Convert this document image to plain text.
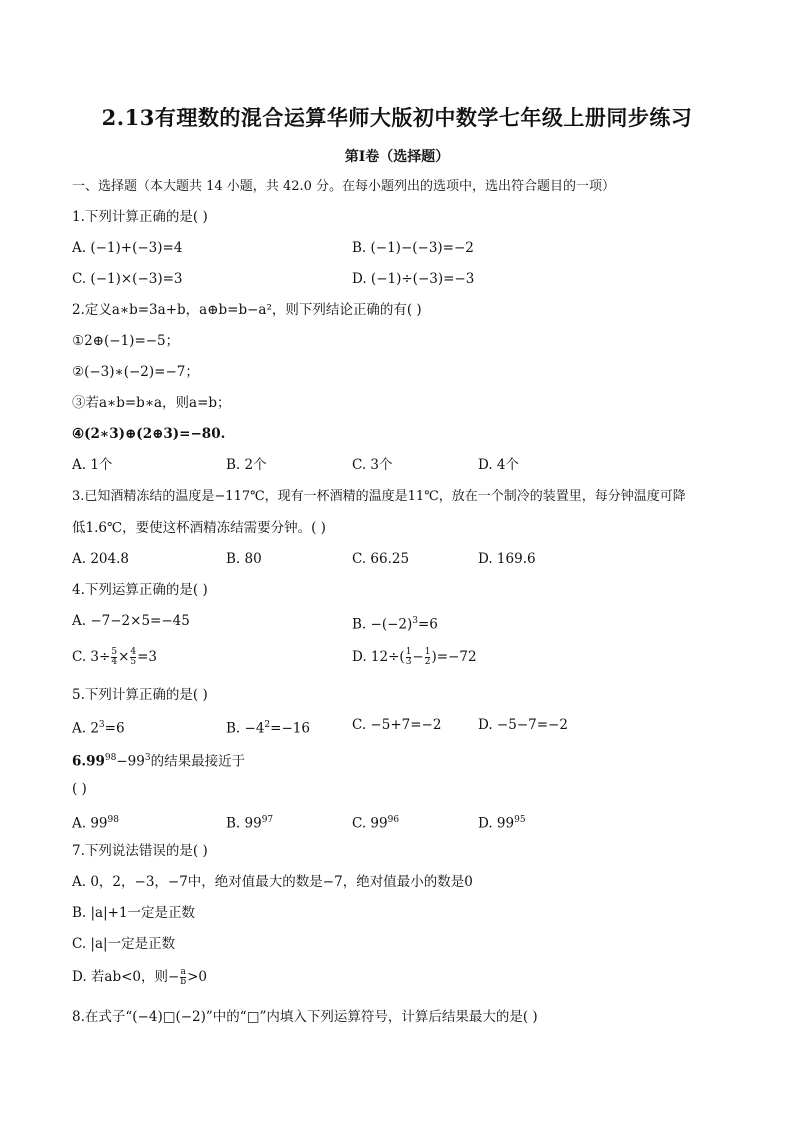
2.13有理数的混合运算华师大版初中数学七年级上册同步练习
第I卷（选择题）
一、选择题（本大题共 14 小题，共 42.0 分。在每小题列出的选项中，选出符合题目的一项）
1.下列计算正确的是( )
A. (−1)+(−3)=4	B. (−1)−(−3)=−2
C. (−1)×(−3)=3	D. (−1)÷(−3)=−3
2.定义a∗b=3a+b，a⊕b=b−a²，则下列结论正确的有( )
①2⊕(−1)=−5；
②(−3)∗(−2)=−7；
③若a∗b=b∗a，则a=b；
④(2∗3)⊕(2⊕3)=−80.
A. 1个	B. 2个	C. 3个	D. 4个
3.已知酒精冻结的温度是−117℃，现有一杯酒精的温度是11℃，放在一个制冷的装置里，每分钟温度可降
低1.6℃，要使这杯酒精冻结需要分钟。( )
A. 204.8	B. 80	C. 66.25	D. 169.6
4.下列运算正确的是( )
A. −7−2×5=−45	B. $-(-2)^3=6$
C. $3\div \frac{5}{4} \times \frac{4}{5} =3$	D. $12\div( \frac{1}{3} - \frac{1}{2} )=-72$
5.下列计算正确的是( )
A. $2^3=6$	B. $-4^2=-16$	C. −5+7=−2	D. −5−7=−2
$6.99^{98}-99^3$的结果最接近于
( )
A. $99^{98}$	B. $99^{97}$	C. $99^{96}$	D. $99^{95}$
7.下列说法错误的是( )
A. 0，2，−3，−7中，绝对值最大的数是−7，绝对值最小的数是0
B. |a|+1一定是正数
C. |a|一定是正数
D. 若ab<0，则− $\frac{a}{b} >0$
8.在式子“(−4)□(−2)”中的“□”内填入下列运算符号，计算后结果最大的是( )
